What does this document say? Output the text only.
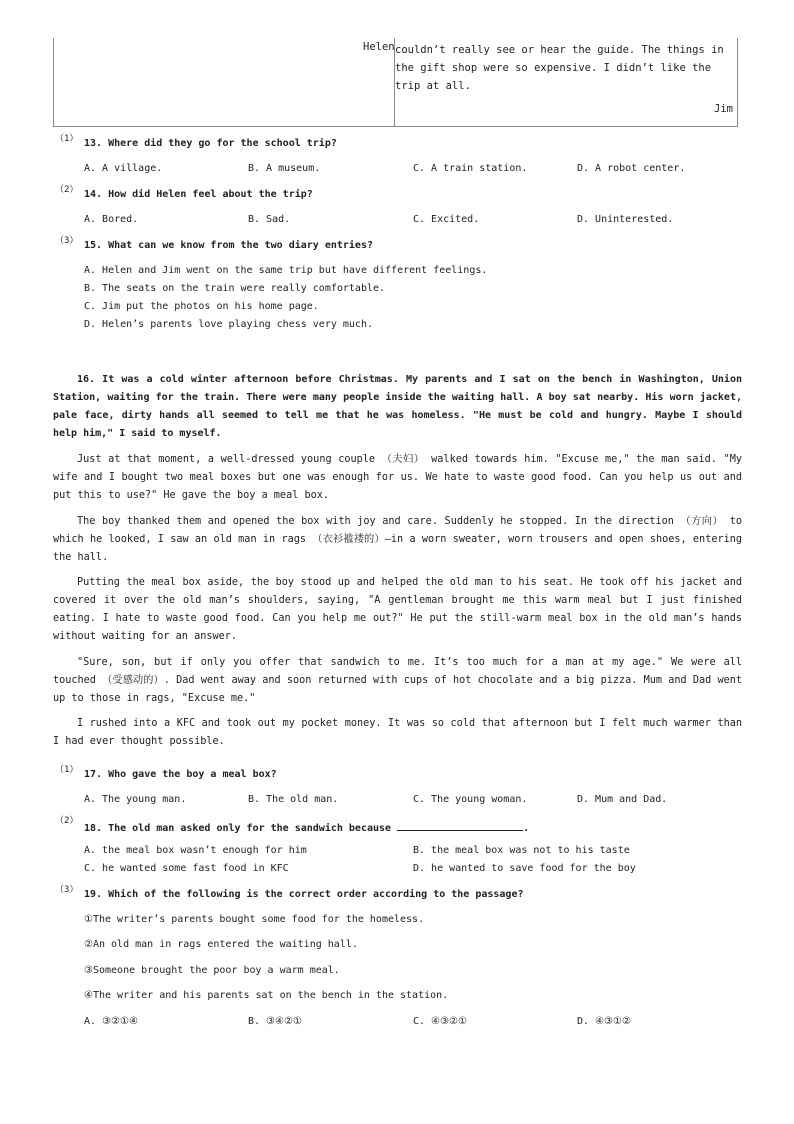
Helen couldn’t really see or hear the guide. The things in the gift shop were so expensive. I didn’t like the trip at all.
Jim
（1） 13. Where did they go for the school trip?
A. A village.	B. A museum.	C. A train station.	D. A robot center.
（2） 14. How did Helen feel about the trip?
A. Bored.	B. Sad.	C. Excited.	D. Uninterested.
（3） 15. What can we know from the two diary entries?
A. Helen and Jim went on the same trip but have different feelings.
B. The seats on the train were really comfortable.
C. Jim put the photos on his home page.
D. Helen’s parents love playing chess very much.
16. It was a cold winter afternoon before Christmas. My parents and I sat on the bench in Washington, Union Station, waiting for the train. There were many people inside the waiting hall. A boy sat nearby. His worn jacket, pale face, dirty hands all seemed to tell me that he was homeless. "He must be cold and hungry. Maybe I should help him," I said to myself.
Just at that moment, a well-dressed young couple （夫妇） walked towards him. "Excuse me," the man said. "My wife and I bought two meal boxes but one was enough for us. We hate to waste good food. Can you help us out and put this to use?" He gave the boy a meal box.
The boy thanked them and opened the box with joy and care. Suddenly he stopped. In the direction （方向） to which he looked, I saw an old man in rags （衣衫褴褛的）—in a worn sweater, worn trousers and open shoes, entering the hall.
Putting the meal box aside, the boy stood up and helped the old man to his seat. He took off his jacket and covered it over the old man’s shoulders, saying, "A gentleman brought me this warm meal but I just finished eating. I hate to waste good food. Can you help me out?" He put the still-warm meal box in the old man’s hands without waiting for an answer.
"Sure, son, but if only you offer that sandwich to me. It’s too much for a man at my age." We were all touched （受感动的）. Dad went away and soon returned with cups of hot chocolate and a big pizza. Mum and Dad went up to those in rags, "Excuse me."
I rushed into a KFC and took out my pocket money. It was so cold that afternoon but I felt much warmer than I had ever thought possible.
（1） 17. Who gave the boy a meal box?
A. The young man.	B. The old man.	C. The young woman.	D. Mum and Dad.
（2）
18. The old man asked only for the sandwich because	.
A. the meal box wasn’t enough for him	B. the meal box was not to his taste
C. he wanted some fast food in KFC	D. he wanted to save food for the boy
（3） 19. Which of the following is the correct order according to the passage?
①The writer’s parents bought some food for the homeless.
②An old man in rags entered the waiting hall.
③Someone brought the poor boy a warm meal.
④The writer and his parents sat on the bench in the station.
A. ③②①④	B. ③④②①	C. ④③②①	D. ④③①②
